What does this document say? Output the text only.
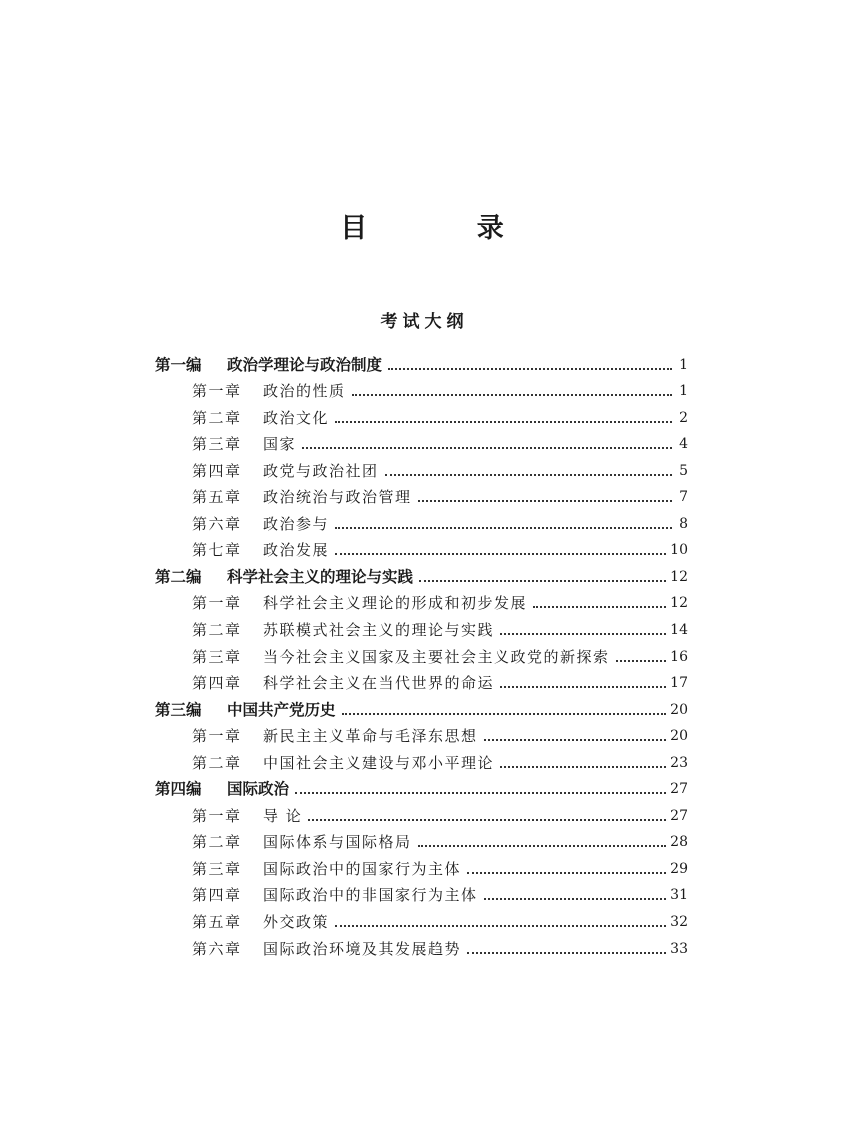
目 录
考试大纲
第一编	政治学理论与政治制度	1
第一章	政治的性质	1
第二章	政治文化	2
第三章	国家	4
第四章	政党与政治社团	5
第五章	政治统治与政治管理	7
第六章	政治参与	8
第七章	政治发展	10
第二编	科学社会主义的理论与实践	12
第一章	科学社会主义理论的形成和初步发展	12
第二章	苏联模式社会主义的理论与实践	14
第三章	当今社会主义国家及主要社会主义政党的新探索	16
第四章	科学社会主义在当代世界的命运	17
第三编	中国共产党历史	20
第一章	新民主主义革命与毛泽东思想	20
第二章	中国社会主义建设与邓小平理论	23
第四编	国际政治	27
第一章	导 论	27
第二章	国际体系与国际格局	28
第三章	国际政治中的国家行为主体	29
第四章	国际政治中的非国家行为主体	31
第五章	外交政策	32
第六章	国际政治环境及其发展趋势	33
